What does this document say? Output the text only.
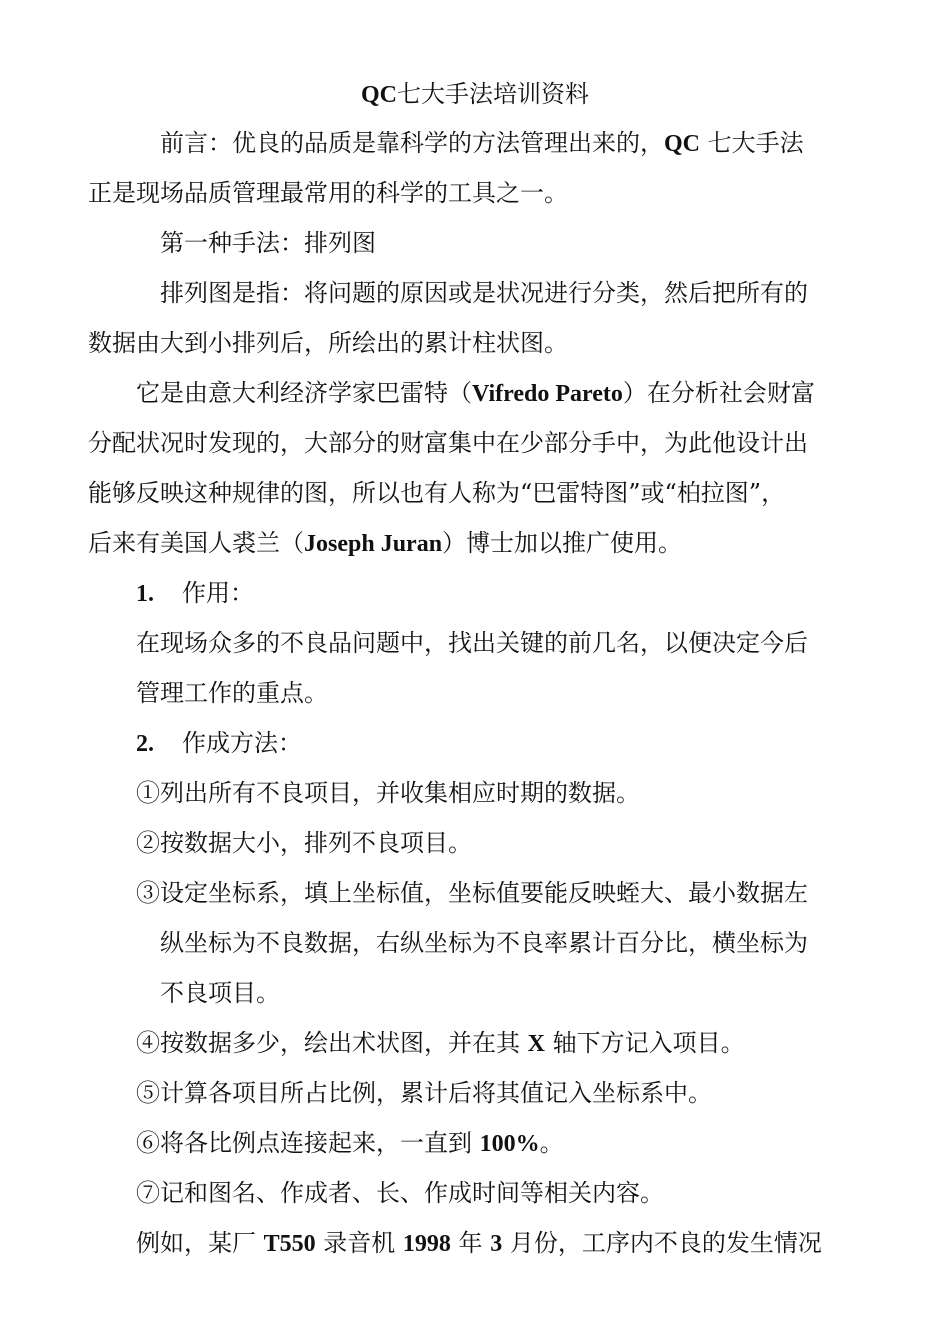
QC七大手法培训资料
前言：优良的品质是靠科学的方法管理出来的，QC 七大手法
正是现场品质管理最常用的科学的工具之一。
第一种手法：排列图
排列图是指：将问题的原因或是状况进行分类，然后把所有的
数据由大到小排列后，所绘出的累计柱状图。
它是由意大利经济学家巴雷特（Vifredo Pareto）在分析社会财富
分配状况时发现的，大部分的财富集中在少部分手中，为此他设计出
能够反映这种规律的图，所以也有人称为“巴雷特图”或“柏拉图”，
后来有美国人裘兰（Joseph Juran）博士加以推广使用。
1. 作用：
在现场众多的不良品问题中，找出关键的前几名，以便决定今后
管理工作的重点。
2. 作成方法：
①列出所有不良项目，并收集相应时期的数据。
②按数据大小，排列不良项目。
③设定坐标系，填上坐标值，坐标值要能反映蛭大、最小数据左
纵坐标为不良数据，右纵坐标为不良率累计百分比，横坐标为
不良项目。
④按数据多少，绘出术状图，并在其 X 轴下方记入项目。
⑤计算各项目所占比例，累计后将其值记入坐标系中。
⑥将各比例点连接起来，一直到 100%。
⑦记和图名、作成者、长、作成时间等相关内容。
例如，某厂 T550 录音机 1998 年 3 月份，工序内不良的发生情况
